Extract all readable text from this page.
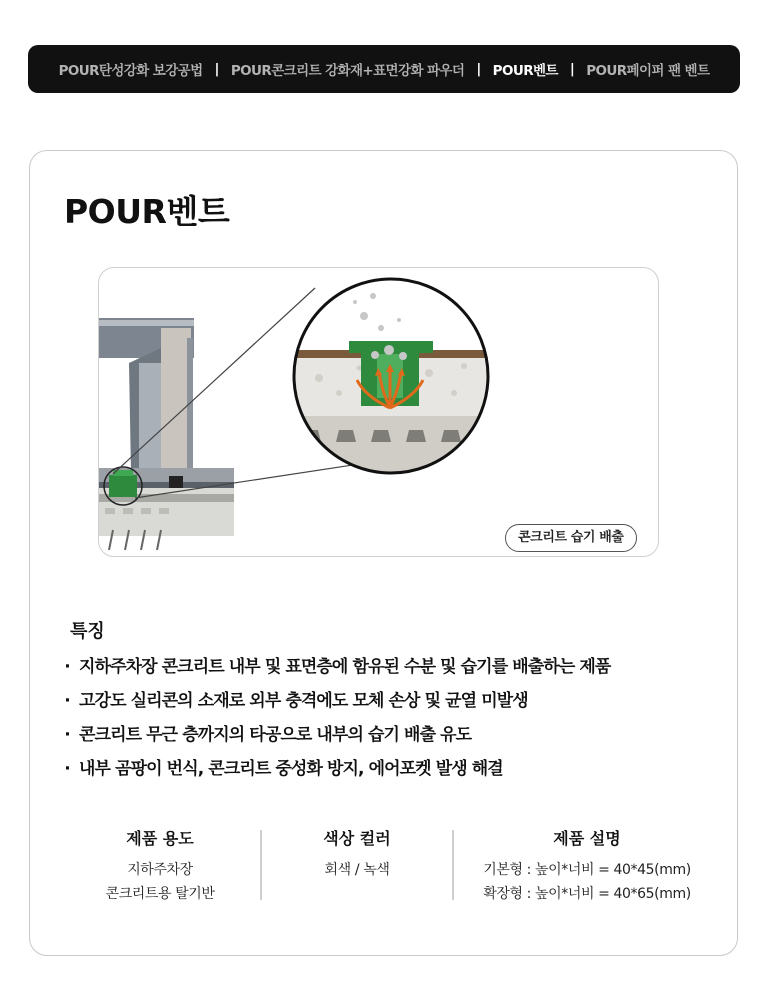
POUR탄성강화 보강공법 | POUR콘크리트 강화재+표면강화 파우더 | POUR벤트 | POUR페이퍼 팬 벤트
POUR벤트
콘크리트 습기 배출
특징
· 지하주차장 콘크리트 내부 및 표면층에 함유된 수분 및 습기를 배출하는 제품
· 고강도 실리콘의 소재로 외부 충격에도 모체 손상 및 균열 미발생
· 콘크리트 무근 층까지의 타공으로 내부의 습기 배출 유도
· 내부 곰팡이 번식, 콘크리트 중성화 방지, 에어포켓 발생 해결
제품 용도
지하주차장
콘크리트용 탈기반
색상 컬러
회색 / 녹색
제품 설명
기본형 : 높이*너비 = 40*45(mm)
확장형 : 높이*너비 = 40*65(mm)
